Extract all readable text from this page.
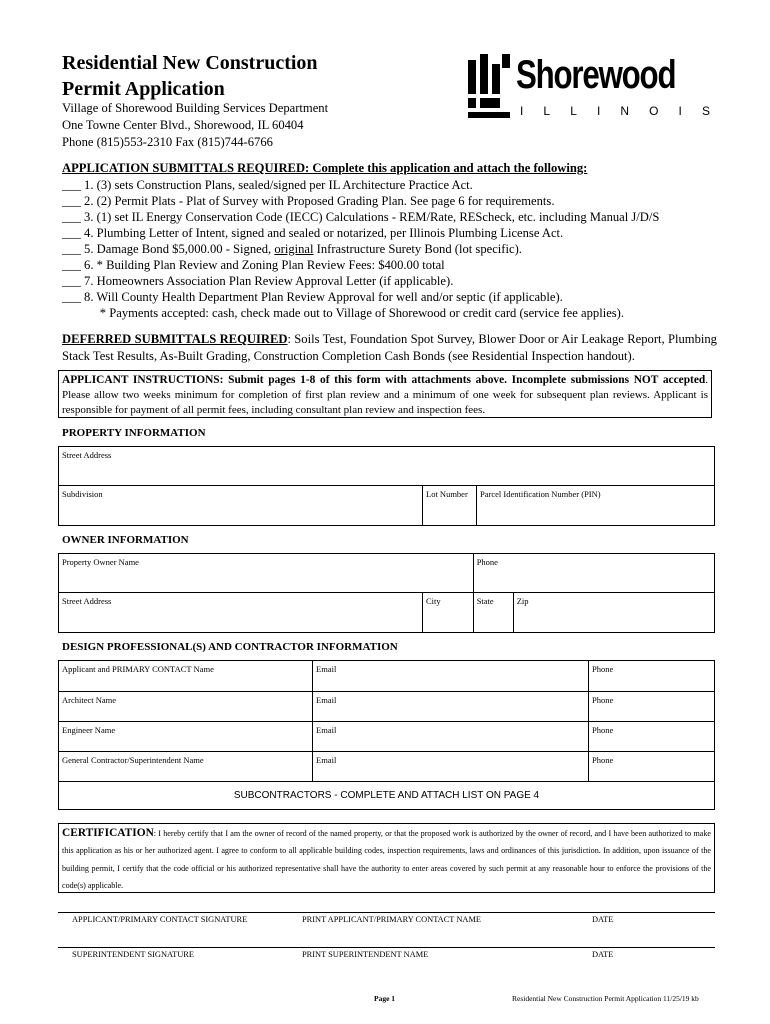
Residential New Construction
Permit Application
Village of Shorewood Building Services Department
One Towne Center Blvd., Shorewood, IL 60404
Phone (815)553-2310 Fax (815)744-6766
Shorewood
I L L I N O I S
APPLICATION SUBMITTALS REQUIRED: Complete this application and attach the following:
___ 1. (3) sets Construction Plans, sealed/signed per IL Architecture Practice Act.
___ 2. (2) Permit Plats - Plat of Survey with Proposed Grading Plan. See page 6 for requirements.
___ 3. (1) set IL Energy Conservation Code (IECC) Calculations - REM/Rate, REScheck, etc. including Manual J/D/S
___ 4. Plumbing Letter of Intent, signed and sealed or notarized, per Illinois Plumbing License Act.
___ 5. Damage Bond $5,000.00 - Signed, original Infrastructure Surety Bond (lot specific).
___ 6. * Building Plan Review and Zoning Plan Review Fees: $400.00 total
___ 7. Homeowners Association Plan Review Approval Letter (if applicable).
___ 8. Will County Health Department Plan Review Approval for well and/or septic (if applicable).
* Payments accepted: cash, check made out to Village of Shorewood or credit card (service fee applies).
DEFERRED SUBMITTALS REQUIRED: Soils Test, Foundation Spot Survey, Blower Door or Air Leakage Report, Plumbing Stack Test Results, As-Built Grading, Construction Completion Cash Bonds (see Residential Inspection handout).
APPLICANT INSTRUCTIONS: Submit pages 1-8 of this form with attachments above. Incomplete submissions NOT accepted. Please allow two weeks minimum for completion of first plan review and a minimum of one week for subsequent plan reviews. Applicant is responsible for payment of all permit fees, including consultant plan review and inspection fees.
PROPERTY INFORMATION
Street Address
Subdivision	Lot Number	Parcel Identification Number (PIN)
OWNER INFORMATION
Property Owner Name		Phone	
Street Address	City	State	Zip
DESIGN PROFESSIONAL(S) AND CONTRACTOR INFORMATION
Applicant and PRIMARY CONTACT Name	Email	Phone
Architect Name	Email	Phone
Engineer Name	Email	Phone
General Contractor/Superintendent Name	Email	Phone
SUBCONTRACTORS - COMPLETE AND ATTACH LIST ON PAGE 4
CERTIFICATION: I hereby certify that I am the owner of record of the named property, or that the proposed work is authorized by the owner of record, and I have been authorized to make this application as his or her authorized agent. I agree to conform to all applicable building codes, inspection requirements, laws and ordinances of this jurisdiction. In addition, upon issuance of the building permit, I certify that the code official or his authorized representative shall have the authority to enter areas covered by such permit at any reasonable hour to enforce the provisions of the code(s) applicable.
APPLICANT/PRIMARY CONTACT SIGNATURE	PRINT APPLICANT/PRIMARY CONTACT NAME	DATE
SUPERINTENDENT SIGNATURE	PRINT SUPERINTENDENT NAME	DATE
Page 1	Residential New Construction Permit Application 11/25/19 kb
